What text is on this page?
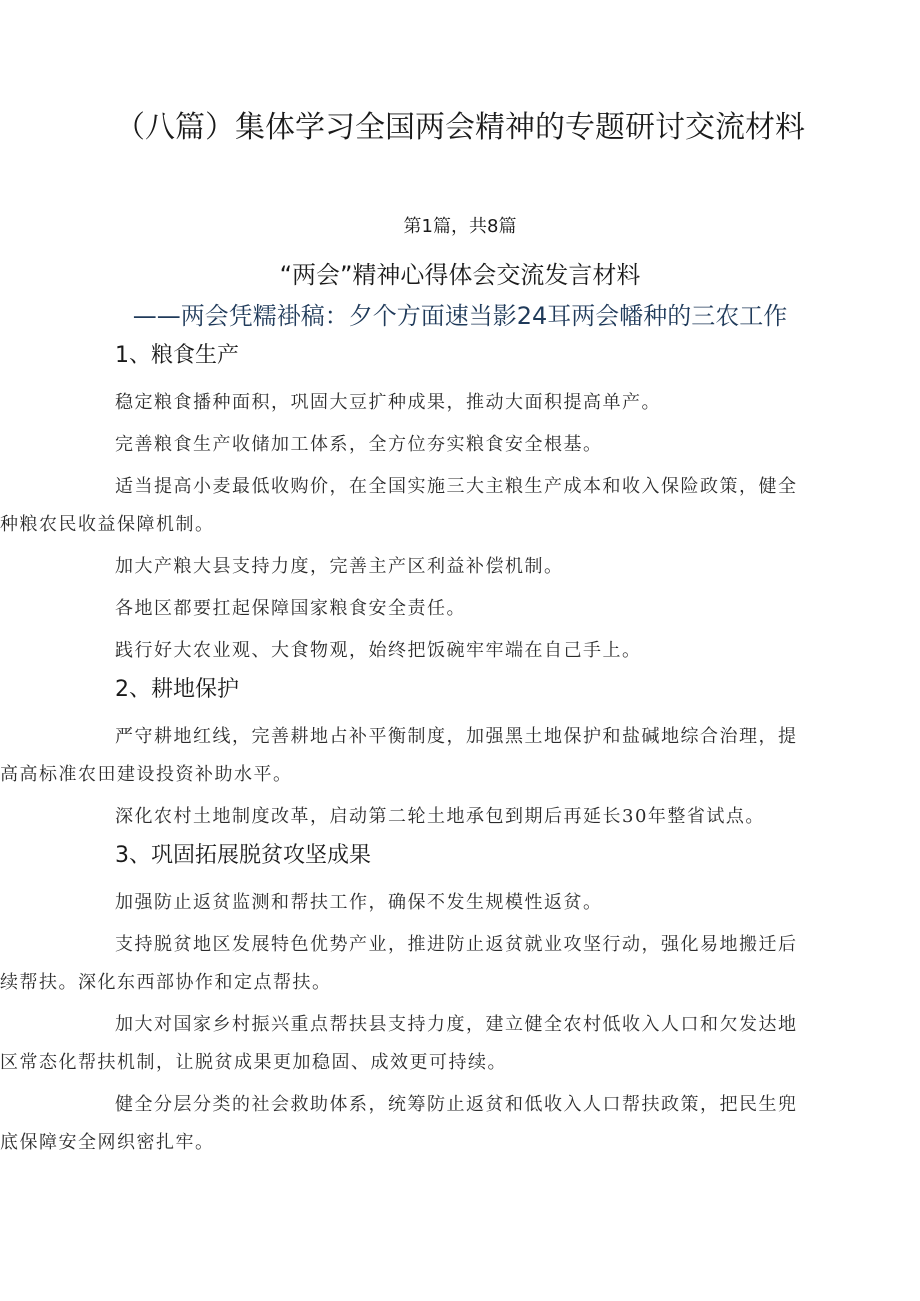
（八篇）集体学习全国两会精神的专题研讨交流材料
第1篇，共8篇
“两会”精神心得体会交流发言材料
——两会凭糯褂稿：夕个方面速当影24耳两会幡种的三农工作
1、粮食生产
稳定粮食播种面积，巩固大豆扩种成果，推动大面积提高单产。
完善粮食生产收储加工体系，全方位夯实粮食安全根基。
适当提高小麦最低收购价，在全国实施三大主粮生产成本和收入保险政策，健全
种粮农民收益保障机制。
加大产粮大县支持力度，完善主产区利益补偿机制。
各地区都要扛起保障国家粮食安全责任。
践行好大农业观、大食物观，始终把饭碗牢牢端在自己手上。
2、耕地保护
严守耕地红线，完善耕地占补平衡制度，加强黑土地保护和盐碱地综合治理，提
高高标准农田建设投资补助水平。
深化农村土地制度改革，启动第二轮土地承包到期后再延长30年整省试点。
3、巩固拓展脱贫攻坚成果
加强防止返贫监测和帮扶工作，确保不发生规模性返贫。
支持脱贫地区发展特色优势产业，推进防止返贫就业攻坚行动，强化易地搬迁后
续帮扶。深化东西部协作和定点帮扶。
加大对国家乡村振兴重点帮扶县支持力度，建立健全农村低收入人口和欠发达地
区常态化帮扶机制，让脱贫成果更加稳固、成效更可持续。
健全分层分类的社会救助体系，统筹防止返贫和低收入人口帮扶政策，把民生兜
底保障安全网织密扎牢。
